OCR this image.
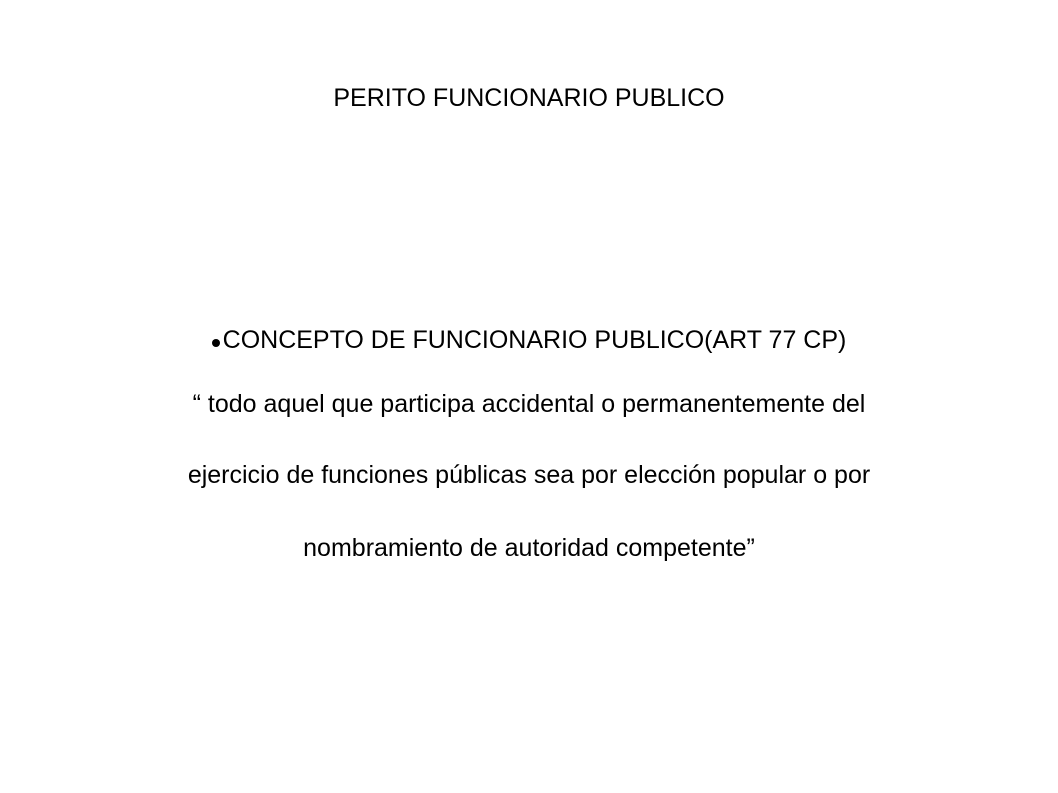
PERITO FUNCIONARIO PUBLICO
CONCEPTO DE FUNCIONARIO PUBLICO(ART 77 CP)
“ todo aquel que participa accidental o permanentemente del
ejercicio de funciones públicas sea por elección popular o por
nombramiento de autoridad competente”
